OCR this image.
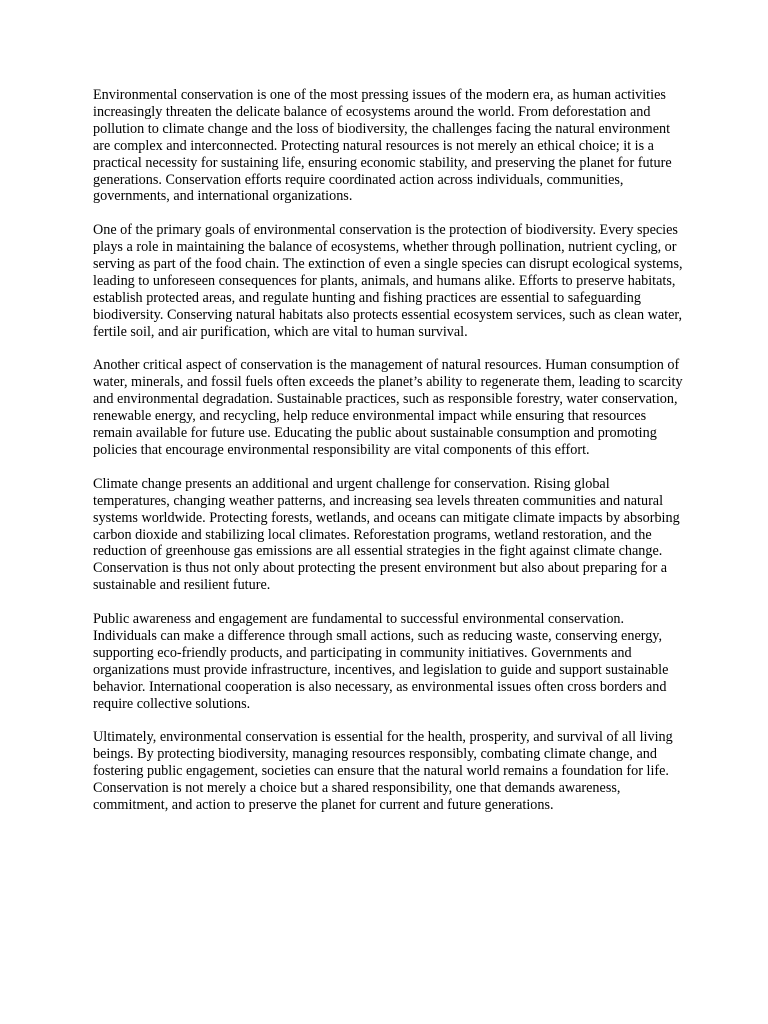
Environmental conservation is one of the most pressing issues of the modern era, as human activities increasingly threaten the delicate balance of ecosystems around the world. From deforestation and pollution to climate change and the loss of biodiversity, the challenges facing the natural environment are complex and interconnected. Protecting natural resources is not merely an ethical choice; it is a practical necessity for sustaining life, ensuring economic stability, and preserving the planet for future generations. Conservation efforts require coordinated action across individuals, communities, governments, and international organizations.

One of the primary goals of environmental conservation is the protection of biodiversity. Every species plays a role in maintaining the balance of ecosystems, whether through pollination, nutrient cycling, or serving as part of the food chain. The extinction of even a single species can disrupt ecological systems, leading to unforeseen consequences for plants, animals, and humans alike. Efforts to preserve habitats, establish protected areas, and regulate hunting and fishing practices are essential to safeguarding biodiversity. Conserving natural habitats also protects essential ecosystem services, such as clean water, fertile soil, and air purification, which are vital to human survival.

Another critical aspect of conservation is the management of natural resources. Human consumption of water, minerals, and fossil fuels often exceeds the planet’s ability to regenerate them, leading to scarcity and environmental degradation. Sustainable practices, such as responsible forestry, water conservation, renewable energy, and recycling, help reduce environmental impact while ensuring that resources remain available for future use. Educating the public about sustainable consumption and promoting policies that encourage environmental responsibility are vital components of this effort.

Climate change presents an additional and urgent challenge for conservation. Rising global temperatures, changing weather patterns, and increasing sea levels threaten communities and natural systems worldwide. Protecting forests, wetlands, and oceans can mitigate climate impacts by absorbing carbon dioxide and stabilizing local climates. Reforestation programs, wetland restoration, and the reduction of greenhouse gas emissions are all essential strategies in the fight against climate change. Conservation is thus not only about protecting the present environment but also about preparing for a sustainable and resilient future.

Public awareness and engagement are fundamental to successful environmental conservation. Individuals can make a difference through small actions, such as reducing waste, conserving energy, supporting eco-friendly products, and participating in community initiatives. Governments and organizations must provide infrastructure, incentives, and legislation to guide and support sustainable behavior. International cooperation is also necessary, as environmental issues often cross borders and require collective solutions.

Ultimately, environmental conservation is essential for the health, prosperity, and survival of all living beings. By protecting biodiversity, managing resources responsibly, combating climate change, and fostering public engagement, societies can ensure that the natural world remains a foundation for life. Conservation is not merely a choice but a shared responsibility, one that demands awareness, commitment, and action to preserve the planet for current and future generations.
